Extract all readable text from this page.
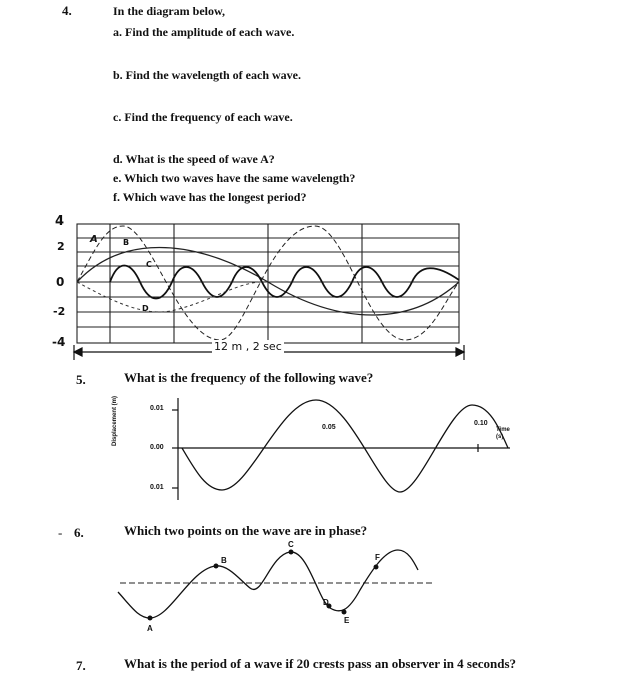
4.	In the diagram below,
a. Find the amplitude of each wave.
b. Find the wavelength of each wave.
c. Find the frequency of each wave.
d. What is the speed of wave A?
e. Which two waves have the same wavelength?
f. Which wave has the longest period?
4
2
0
-2
-4
A	B
C
D
12 m , 2 sec
5.	What is the frequency of the following wave?
Displacement (m)	0.01
0.00
0.01
0.05
0.10
Time (s)
- 6.	Which two points on the wave are in phase?
A
B
C
D
E
F
7.	What is the period of a wave if 20 crests pass an observer in 4 seconds?
